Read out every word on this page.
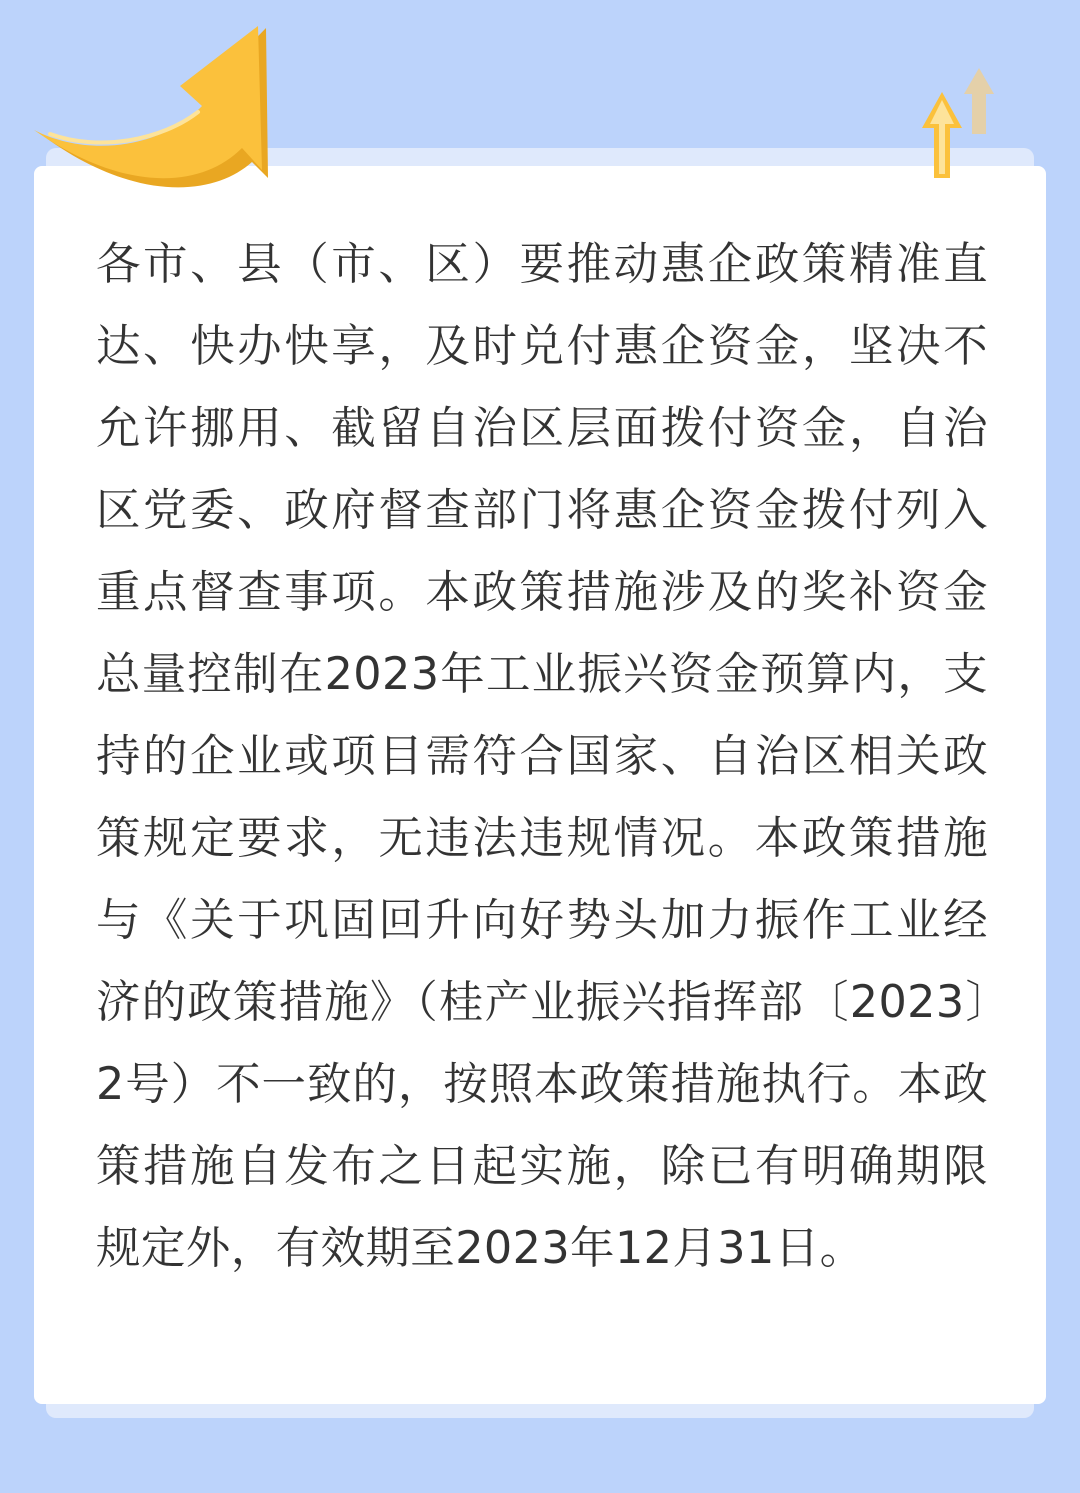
各市、县（市、区）要推动惠企政策精准直达、快办快享，及时兑付惠企资金，坚决不允许挪用、截留自治区层面拨付资金，自治区党委、政府督查部门将惠企资金拨付列入重点督查事项。本政策措施涉及的奖补资金总量控制在2023年工业振兴资金预算内，支持的企业或项目需符合国家、自治区相关政策规定要求，无违法违规情况。本政策措施与《关于巩固回升向好势头加力振作工业经济的政策措施》（桂产业振兴指挥部〔2023〕2号）不一致的，按照本政策措施执行。本政策措施自发布之日起实施，除已有明确期限规定外，有效期至2023年12月31日。
